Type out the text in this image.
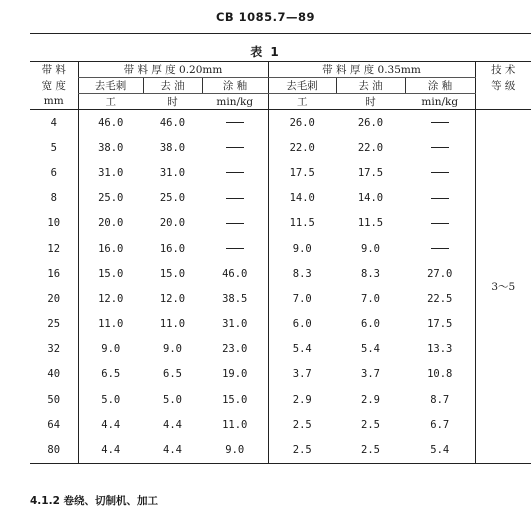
CB 1085.7—89
表 1
带 料	带 料 厚 度 0.20mm			带 料 厚 度 0.35mm			技 术
宽 度	去毛刺	去 油	涂 釉	去毛刺	去 油	涂 釉	等 级
mm	工	时	min/kg	工	时	min/kg	
4	46.0	46.0		26.0	26.0		3～5
5	38.0	38.0		22.0	22.0		
6	31.0	31.0		17.5	17.5		
8	25.0	25.0		14.0	14.0		
10	20.0	20.0		11.5	11.5		
12	16.0	16.0		9.0	9.0		
16	15.0	15.0	46.0	8.3	8.3	27.0	
20	12.0	12.0	38.5	7.0	7.0	22.5	
25	11.0	11.0	31.0	6.0	6.0	17.5	
32	9.0	9.0	23.0	5.4	5.4	13.3	
40	6.5	6.5	19.0	3.7	3.7	10.8	
50	5.0	5.0	15.0	2.9	2.9	8.7	
64	4.4	4.4	11.0	2.5	2.5	6.7	
80	4.4	4.4	9.0	2.5	2.5	5.4	
4.1.2 卷绕、切制机、加工
